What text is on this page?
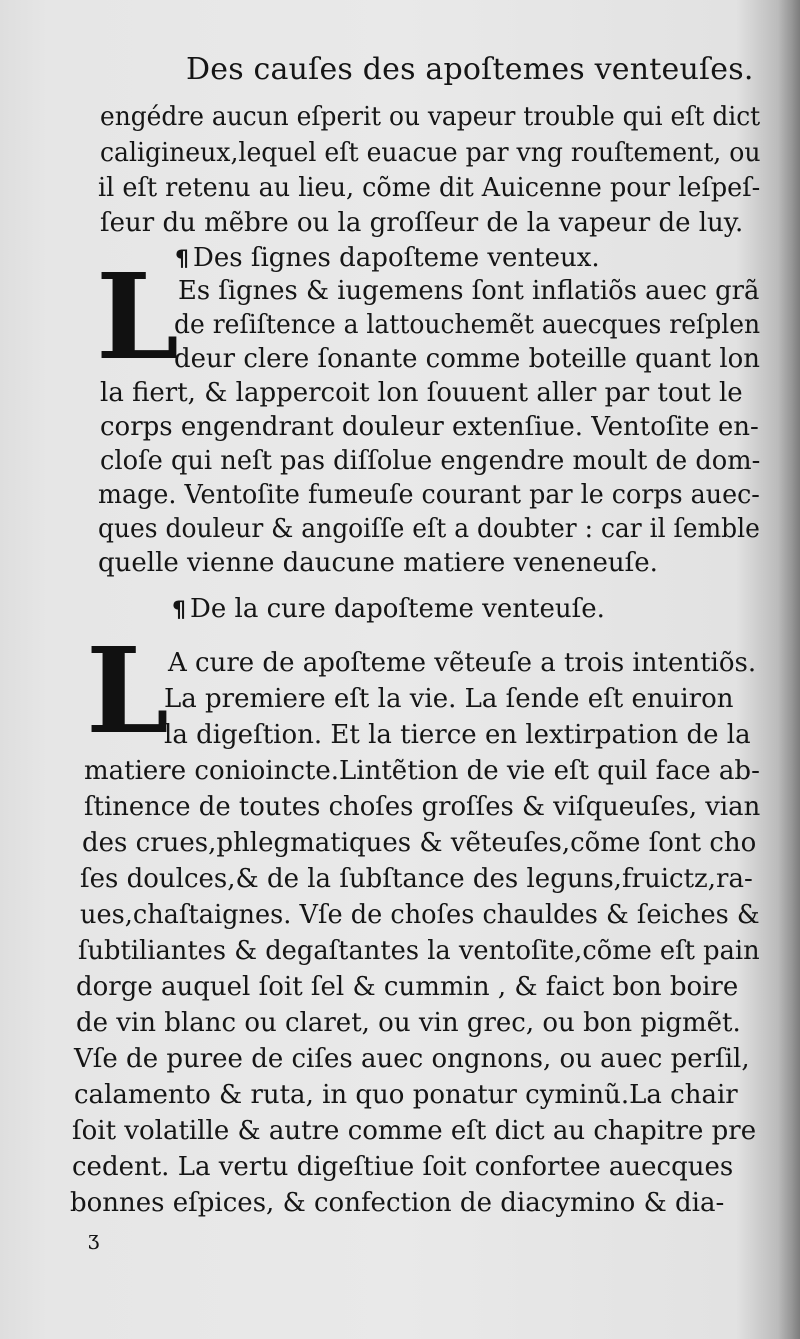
Des cauſes des apoſtemes venteuſes.
engédre aucun eſperit ou vapeur trouble qui eſt dict
caligineux,lequel eſt euacue par vng rouſtement, ou
il eſt retenu au lieu, cõme dit Auicenne pour leſpeſ-
ſeur du mẽbre ou la groſſeur de la vapeur de luy.
¶ Des ſignes dapoſteme venteux.
L Es ſignes & iugemens ſont inflatiõs auec grã
de reſiſtence a lattouchemẽt auecques reſplen
deur clere ſonante comme boteille quant lon
la fiert, & lappercoit lon ſouuent aller par tout le
corps engendrant douleur extenſiue. Ventoſite en-
cloſe qui neſt pas diſſolue engendre moult de dom-
mage. Ventoſite fumeuſe courant par le corps auec-
ques douleur & angoiſſe eſt a doubter : car il ſemble
quelle vienne daucune matiere veneneuſe.
¶ De la cure dapoſteme venteuſe.
L A cure de apoſteme vẽteuſe a trois intentiõs.
La premiere eſt la vie. La ſende eſt enuiron
la digeſtion. Et la tierce en lextirpation de la
matiere conioincte.Lintẽtion de vie eſt quil face ab-
ſtinence de toutes choſes groſſes & viſqueuſes, vian
des crues,phlegmatiques & vẽteuſes,cõme ſont cho
ſes doulces,& de la ſubſtance des leguns,fruictz,ra-
ues,chaſtaignes. Vſe de choſes chauldes & ſeiches &
ſubtiliantes & degaſtantes la ventoſite,cõme eſt pain
dorge auquel ſoit ſel & cummin , & faict bon boire
de vin blanc ou claret, ou vin grec, ou bon pigmẽt.
Vſe de puree de ciſes auec ongnons, ou auec perſil,
calamento & ruta, in quo ponatur cyminũ.La chair
ſoit volatille & autre comme eſt dict au chapitre pre
cedent. La vertu digeſtiue ſoit confortee auecques
bonnes eſpices, & confection de diacymino & dia-
ʒ
